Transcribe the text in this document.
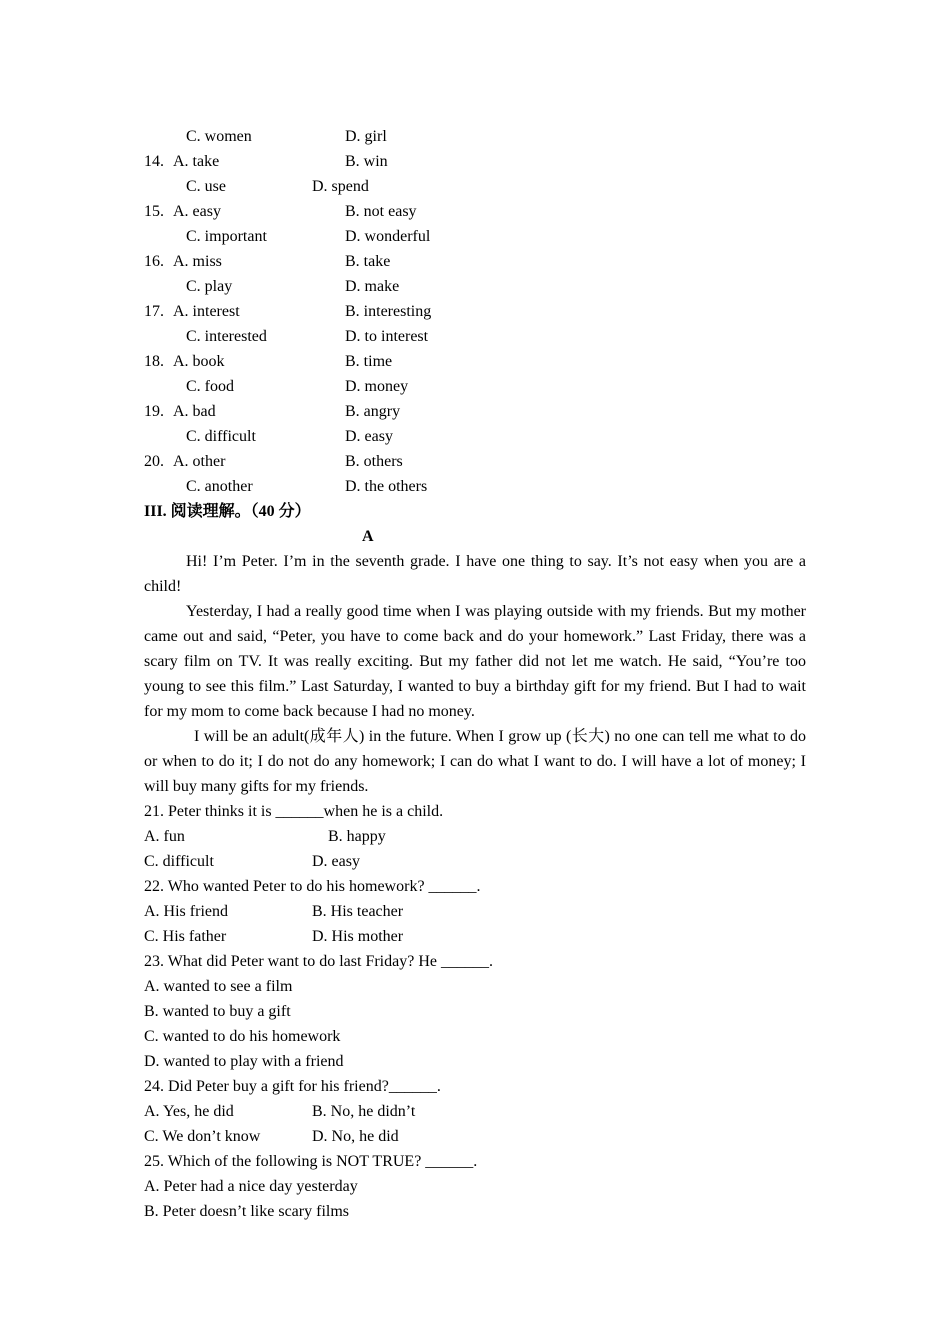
C. women	D. girl
14. A. take	B. win
C. use	D. spend
15. A. easy	B. not easy
C. important	D. wonderful
16. A. miss	B. take
C. play	D. make
17. A. interest	B. interesting
C. interested	D. to interest
18. A. book	B. time
C. food	D. money
19. A. bad	B. angry
C. difficult	D. easy
20. A. other	B. others
C. another	D. the others
III. 阅读理解。（40 分）
A

Hi! I’m Peter. I’m in the seventh grade. I have one thing to say. It’s not easy when you are a child!

Yesterday, I had a really good time when I was playing outside with my friends. But my mother came out and said, “Peter, you have to come back and do your homework.” Last Friday, there was a scary film on TV. It was really exciting. But my father did not let me watch. He said, “You’re too young to see this film.” Last Saturday, I wanted to buy a birthday gift for my friend. But I had to wait for my mom to come back because I had no money.

I will be an adult(成年人) in the future. When I grow up (长大) no one can tell me what to do or when to do it; I do not do any homework; I can do what I want to do. I will have a lot of money; I will buy many gifts for my friends.

21. Peter thinks it is ______when he is a child.
A. fun	B. happy
C. difficult	D. easy
22. Who wanted Peter to do his homework? ______.
A. His friend	B. His teacher
C. His father	D. His mother
23. What did Peter want to do last Friday? He ______.
A. wanted to see a film
B. wanted to buy a gift
C. wanted to do his homework
D. wanted to play with a friend
24. Did Peter buy a gift for his friend?______.
A. Yes, he did	B. No, he didn’t
C. We don’t know	D. No, he did
25. Which of the following is NOT TRUE? ______.
A. Peter had a nice day yesterday
B. Peter doesn’t like scary films
